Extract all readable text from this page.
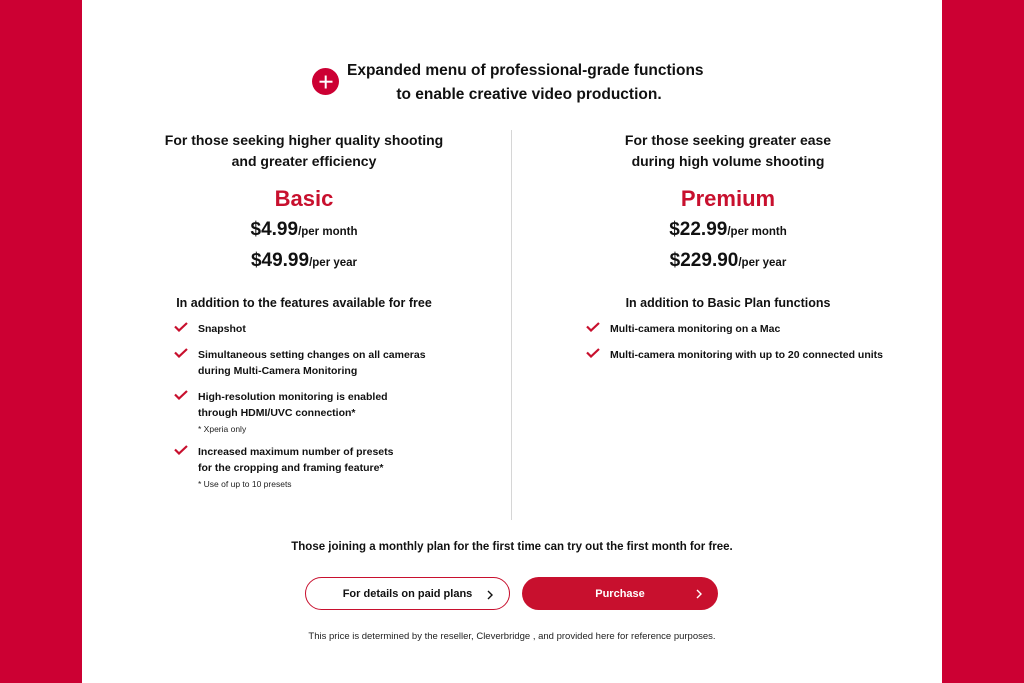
Expanded menu of professional-grade functions
to enable creative video production.
For those seeking higher quality shooting
and greater efficiency
Basic
$4.99/per month
$49.99/per year
In addition to the features available for free
Snapshot
Simultaneous setting changes on all cameras
during Multi-Camera Monitoring
High-resolution monitoring is enabled
through HDMI/UVC connection*
* Xperia only
Increased maximum number of presets
for the cropping and framing feature*
* Use of up to 10 presets
For those seeking greater ease
during high volume shooting
Premium
$22.99/per month
$229.90/per year
In addition to Basic Plan functions
Multi-camera monitoring on a Mac
Multi-camera monitoring with up to 20 connected units
Those joining a monthly plan for the first time can try out the first month for free.
For details on paid plans	Purchase
This price is determined by the reseller, Cleverbridge , and provided here for reference purposes.
